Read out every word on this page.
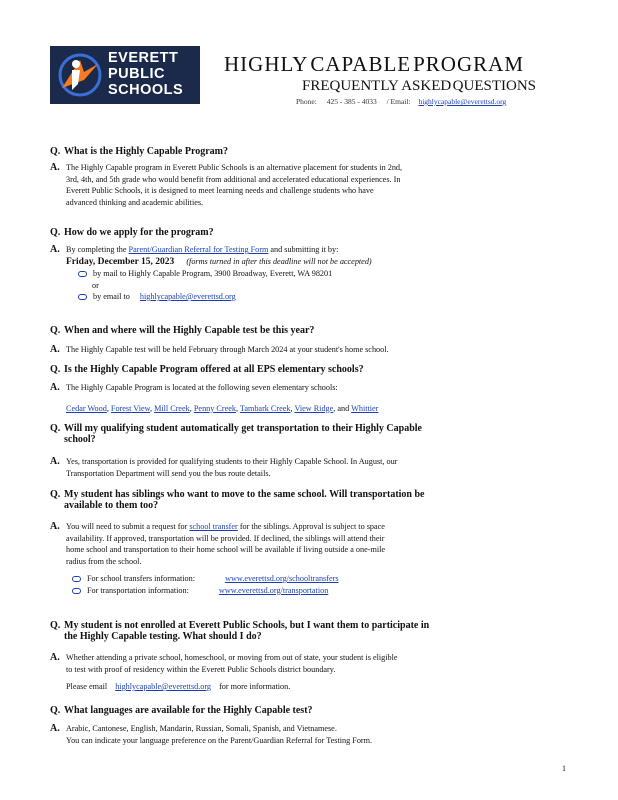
EVERETT
PUBLIC
SCHOOLS
HIGHLY CAPABLE PROGRAM
FREQUENTLY ASKED QUESTIONS
Phone: 425 - 385 - 4033 / Email: highlycapable@everettsd.org
Q. What is the Highly Capable Program?
A. The Highly Capable program in Everett Public Schools is an alternative placement for students in 2nd,
3rd, 4th, and 5th grade who would benefit from additional and accelerated educational experiences. In
Everett Public Schools, it is designed to meet learning needs and challenge students who have
advanced thinking and academic abilities.
Q. How do we apply for the program?
A. By completing the Parent/Guardian Referral for Testing Form and submitting it by:
Friday, December 15, 2023 (forms turned in after this deadline will not be accepted)
by mail to Highly Capable Program, 3900 Broadway, Everett, WA 98201
or
by email to highlycapable@everettsd.org
Q. When and where will the Highly Capable test be this year?
A. The Highly Capable test will be held February through March 2024 at your student's home school.
Q. Is the Highly Capable Program offered at all EPS elementary schools?
A. The Highly Capable Program is located at the following seven elementary schools:
Cedar Wood, Forest View, Mill Creek, Penny Creek, Tambark Creek, View Ridge, and Whittier
Q. Will my qualifying student automatically get transportation to their Highly Capable
school?
A. Yes, transportation is provided for qualifying students to their Highly Capable School. In August, our
Transportation Department will send you the bus route details.
Q. My student has siblings who want to move to the same school. Will transportation be
available to them too?
A. You will need to submit a request for school transfer for the siblings. Approval is subject to space
availability. If approved, transportation will be provided. If declined, the siblings will attend their
home school and transportation to their home school will be available if living outside a one-mile
radius from the school.
For school transfers information:	www.everettsd.org/schooltransfers
For transportation information:	www.everettsd.org/transportation
Q. My student is not enrolled at Everett Public Schools, but I want them to participate in
the Highly Capable testing. What should I do?
A. Whether attending a private school, homeschool, or moving from out of state, your student is eligible
to test with proof of residency within the Everett Public Schools district boundary.
Please email highlycapable@everettsd.org for more information.
Q. What languages are available for the Highly Capable test?
A. Arabic, Cantonese, English, Mandarin, Russian, Somali, Spanish, and Vietnamese.
You can indicate your language preference on the Parent/Guardian Referral for Testing Form.
1
